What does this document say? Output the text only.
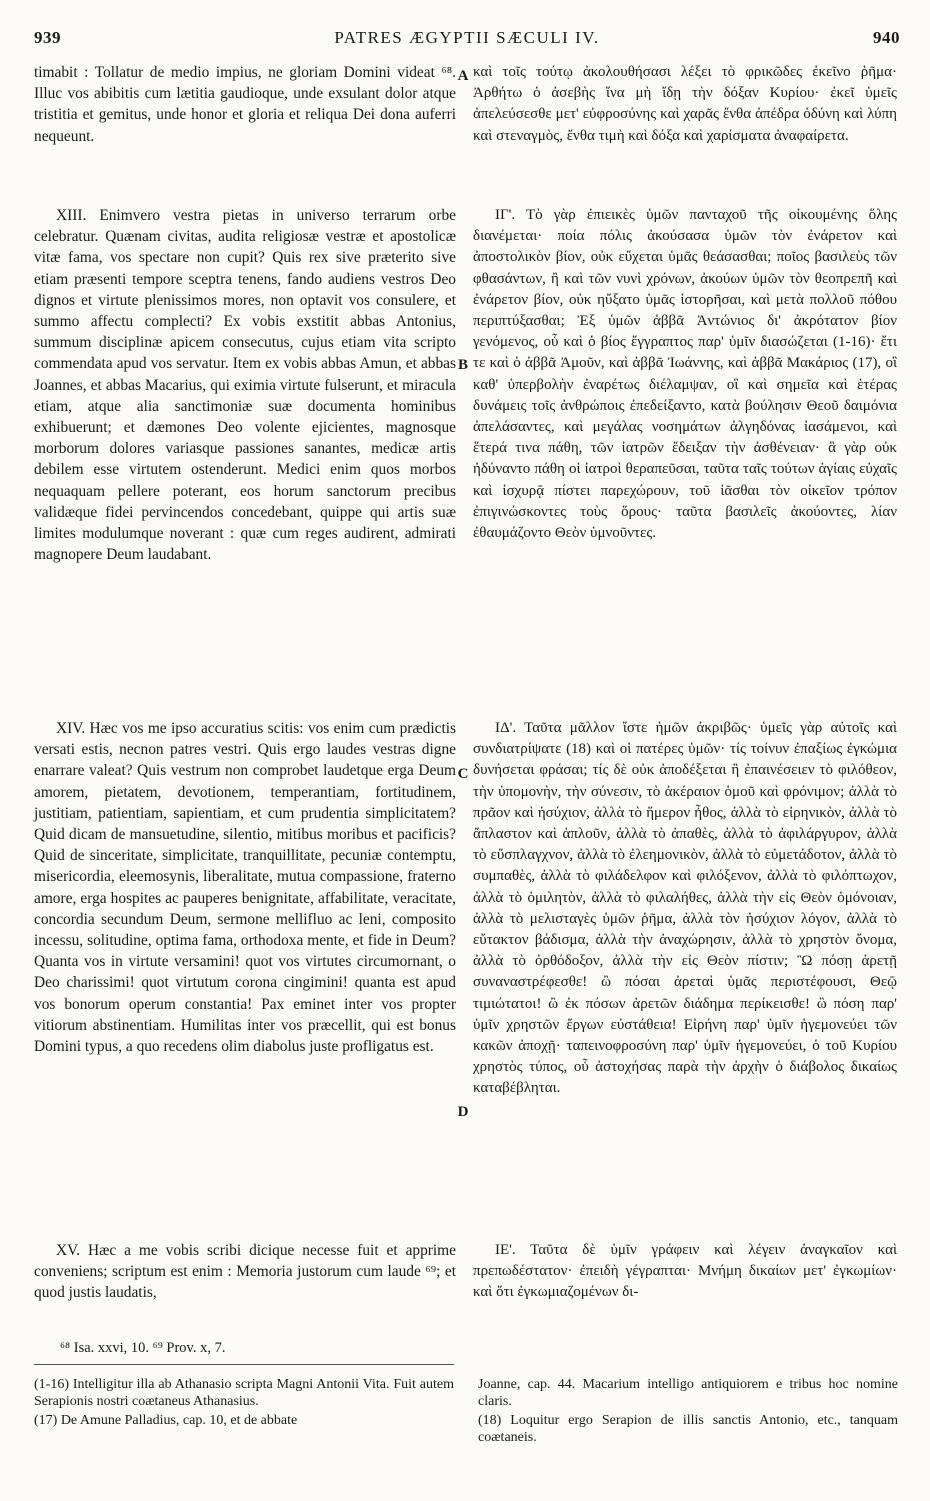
939	PATRES ÆGYPTII SÆCULI IV.	940

timabit : Tollatur de medio impius, ne gloriam Domini videat ⁶⁸. Illuc vos abibitis cum lætitia gaudioque, unde exsulant dolor atque tristitia et gemitus, unde honor et gloria et reliqua Dei dona auferri nequeunt.

XIII. Enimvero vestra pietas in universo terrarum orbe celebratur. Quænam civitas, audita religiosæ vestræ et apostolicæ vitæ fama, vos spectare non cupit? Quis rex sive præterito sive etiam præsenti tempore sceptra tenens, fando audiens vestros Deo dignos et virtute plenissimos mores, non optavit vos consulere, et summo affectu complecti? Ex vobis exstitit abbas Antonius, summum disciplinæ apicem consecutus, cujus etiam vita scripto commendata apud vos servatur. Item ex vobis abbas Amun, et abbas Joannes, et abbas Macarius, qui eximia virtute fulserunt, et miracula etiam, atque alia sanctimoniæ suæ documenta hominibus exhibuerunt; et dæmones Deo volente ejicientes, magnosque morborum dolores variasque passiones sanantes, medicæ artis debilem esse virtutem ostenderunt. Medici enim quos morbos nequaquam pellere poterant, eos horum sanctorum precibus validæque fidei pervincendos concedebant, quippe qui artis suæ limites modulumque noverant : quæ cum reges audirent, admirati magnopere Deum laudabant.

XIV. Hæc vos me ipso accuratius scitis: vos enim cum prædictis versati estis, necnon patres vestri. Quis ergo laudes vestras digne enarrare valeat? Quis vestrum non comprobet laudetque erga Deum amorem, pietatem, devotionem, temperantiam, fortitudinem, justitiam, patientiam, sapientiam, et cum prudentia simplicitatem? Quid dicam de mansuetudine, silentio, mitibus moribus et pacificis? Quid de sinceritate, simplicitate, tranquillitate, pecuniæ contemptu, misericordia, eleemosynis, liberalitate, mutua compassione, fraterno amore, erga hospites ac pauperes benignitate, affabilitate, veracitate, concordia secundum Deum, sermone mellifluo ac leni, composito incessu, solitudine, optima fama, orthodoxa mente, et fide in Deum? Quanta vos in virtute versamini! quot vos virtutes circumornant, o Deo charissimi! quot virtutum corona cingimini! quanta est apud vos bonorum operum constantia! Pax eminet inter vos propter vitiorum abstinentiam. Humilitas inter vos præcellit, qui est bonus Domini typus, a quo recedens olim diabolus juste profligatus est.

XV. Hæc a me vobis scribi dicique necesse fuit et apprime conveniens; scriptum est enim : Memoria justorum cum laude ⁶⁹; et quod justis laudatis,

A
B
C
D

καὶ τοῖς τούτῳ ἀκολουθήσασι λέξει τὸ φρικῶδες ἐκεῖνο ῥῆμα· Ἀρθήτω ὁ ἀσεβὴς ἵνα μὴ ἴδῃ τὴν δόξαν Κυρίου· ἐκεῖ ὑμεῖς ἀπελεύσεσθε μετ' εὐφροσύνης καὶ χαρᾶς ἔνθα ἀπέδρα ὀδύνη καὶ λύπη καὶ στεναγμὸς, ἔνθα τιμὴ καὶ δόξα καὶ χαρίσματα ἀναφαίρετα.

ΙΓ'. Τὸ γὰρ ἐπιεικὲς ὑμῶν πανταχοῦ τῆς οἰκουμένης ὅλης διανέμεται· ποία πόλις ἀκούσασα ὑμῶν τὸν ἐνάρετον καὶ ἀποστολικὸν βίον, οὐκ εὔχεται ὑμᾶς θεάσασθαι; ποῖος βασιλεὺς τῶν φθασάντων, ἢ καὶ τῶν νυνὶ χρόνων, ἀκούων ὑμῶν τὸν θεοπρεπῆ καὶ ἐνάρετον βίον, οὐκ ηὔξατο ὑμᾶς ἱστορῆσαι, καὶ μετὰ πολλοῦ πόθου περιπτύξασθαι; Ἐξ ὑμῶν ἀββᾶ Ἀντώνιος δι' ἀκρότατον βίον γενόμενος, οὗ καὶ ὁ βίος ἔγγραπτος παρ' ὑμῖν διασώζεται (1-16)· ἔτι τε καὶ ὁ ἀββᾶ Ἀμοῦν, καὶ ἀββᾶ Ἰωάννης, καὶ ἀββᾶ Μακάριος (17), οἳ καθ' ὑπερβολὴν ἐναρέτως διέλαμψαν, οἳ καὶ σημεῖα καὶ ἑτέρας δυνάμεις τοῖς ἀνθρώποις ἐπεδείξαντο, κατὰ βούλησιν Θεοῦ δαιμόνια ἀπελάσαντες, καὶ μεγάλας νοσημάτων ἀλγηδόνας ἰασάμενοι, καὶ ἕτερά τινα πάθη, τῶν ἰατρῶν ἔδειξαν τὴν ἀσθένειαν· ἃ γὰρ οὐκ ἠδύναντο πάθη οἱ ἰατροὶ θεραπεῦσαι, ταῦτα ταῖς τούτων ἁγίαις εὐχαῖς καὶ ἰσχυρᾷ πίστει παρεχώρουν, τοῦ ἰᾶσθαι τὸν οἰκεῖον τρόπον ἐπιγινώσκοντες τοὺς ὅρους· ταῦτα βασιλεῖς ἀκούοντες, λίαν ἐθαυμάζοντο Θεὸν ὑμνοῦντες.

ΙΔ'. Ταῦτα μᾶλλον ἴστε ἡμῶν ἀκριβῶς· ὑμεῖς γὰρ αὐτοῖς καὶ συνδιατρίψατε (18) καὶ οἱ πατέρες ὑμῶν· τίς τοίνυν ἐπαξίως ἐγκώμια δυνήσεται φράσαι; τίς δὲ οὐκ ἀποδέξεται ἢ ἐπαινέσειεν τὸ φιλόθεον, τὴν ὑπομονὴν, τὴν σύνεσιν, τὸ ἀκέραιον ὁμοῦ καὶ φρόνιμον; ἀλλὰ τὸ πρᾶον καὶ ἡσύχιον, ἀλλὰ τὸ ἥμερον ἦθος, ἀλλὰ τὸ εἰρηνικὸν, ἀλλὰ τὸ ἄπλαστον καὶ ἁπλοῦν, ἀλλὰ τὸ ἀπαθὲς, ἀλλὰ τὸ ἀφιλάργυρον, ἀλλὰ τὸ εὔσπλαγχνον, ἀλλὰ τὸ ἐλεημονικὸν, ἀλλὰ τὸ εὐμετάδοτον, ἀλλὰ τὸ συμπαθὲς, ἀλλὰ τὸ φιλάδελφον καὶ φιλόξενον, ἀλλὰ τὸ φιλόπτωχον, ἀλλὰ τὸ ὁμιλητὸν, ἀλλὰ τὸ φιλαλήθες, ἀλλὰ τὴν εἰς Θεὸν ὁμόνοιαν, ἀλλὰ τὸ μελισταγὲς ὑμῶν ῥῆμα, ἀλλὰ τὸν ἡσύχιον λόγον, ἀλλὰ τὸ εὔτακτον βάδισμα, ἀλλὰ τὴν ἀναχώρησιν, ἀλλὰ τὸ χρηστὸν ὄνομα, ἀλλὰ τὸ ὀρθόδοξον, ἀλλὰ τὴν εἰς Θεὸν πίστιν; Ὢ πόσῃ ἀρετῇ συναναστρέφεσθε! ὢ πόσαι ἀρεταὶ ὑμᾶς περιστέφουσι, Θεῷ τιμιώτατοι! ὢ ἐκ πόσων ἀρετῶν διάδημα περίκεισθε! ὢ πόση παρ' ὑμῖν χρηστῶν ἔργων εὐστάθεια! Εἰρήνη παρ' ὑμῖν ἡγεμονεύει τῶν κακῶν ἀποχῇ· ταπεινοφροσύνη παρ' ὑμῖν ἡγεμονεύει, ὁ τοῦ Κυρίου χρηστὸς τύπος, οὗ ἀστοχήσας παρὰ τὴν ἀρχὴν ὁ διάβολος δικαίως καταβέβληται.

ΙΕ'. Ταῦτα δὲ ὑμῖν γράφειν καὶ λέγειν ἀναγκαῖον καὶ πρεπωδέστατον· ἐπειδὴ γέγραπται· Μνήμη δικαίων μετ' ἐγκωμίων· καὶ ὅτι ἐγκωμιαζομένων δι-

⁶⁸ Isa. xxvi, 10. ⁶⁹ Prov. x, 7.

(1-16) Intelligitur illa ab Athanasio scripta Magni Antonii Vita. Fuit autem Serapionis nostri coætaneus Athanasius.

(17) De Amune Palladius, cap. 10, et de abbate

Joanne, cap. 44. Macarium intelligo antiquiorem e tribus hoc nomine claris.

(18) Loquitur ergo Serapion de illis sanctis Antonio, etc., tanquam coætaneis.
